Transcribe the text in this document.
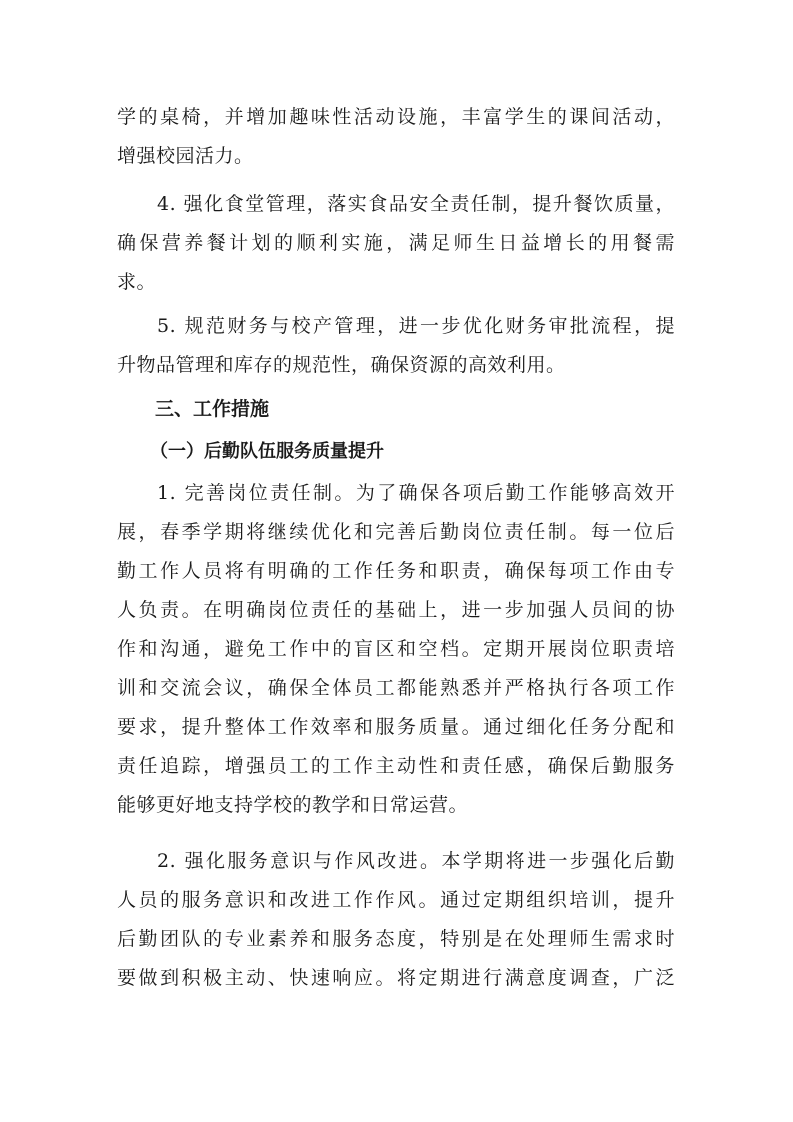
学的桌椅，并增加趣味性活动设施，丰富学生的课间活动，
增强校园活力。
4. 强化食堂管理，落实食品安全责任制，提升餐饮质量，
确保营养餐计划的顺利实施，满足师生日益增长的用餐需
求。
5. 规范财务与校产管理，进一步优化财务审批流程，提
升物品管理和库存的规范性，确保资源的高效利用。
三、工作措施
（一）后勤队伍服务质量提升
1. 完善岗位责任制。为了确保各项后勤工作能够高效开
展，春季学期将继续优化和完善后勤岗位责任制。每一位后
勤工作人员将有明确的工作任务和职责，确保每项工作由专
人负责。在明确岗位责任的基础上，进一步加强人员间的协
作和沟通，避免工作中的盲区和空档。定期开展岗位职责培
训和交流会议，确保全体员工都能熟悉并严格执行各项工作
要求，提升整体工作效率和服务质量。通过细化任务分配和
责任追踪，增强员工的工作主动性和责任感，确保后勤服务
能够更好地支持学校的教学和日常运营。
2. 强化服务意识与作风改进。本学期将进一步强化后勤
人员的服务意识和改进工作作风。通过定期组织培训，提升
后勤团队的专业素养和服务态度，特别是在处理师生需求时
要做到积极主动、快速响应。将定期进行满意度调查，广泛
